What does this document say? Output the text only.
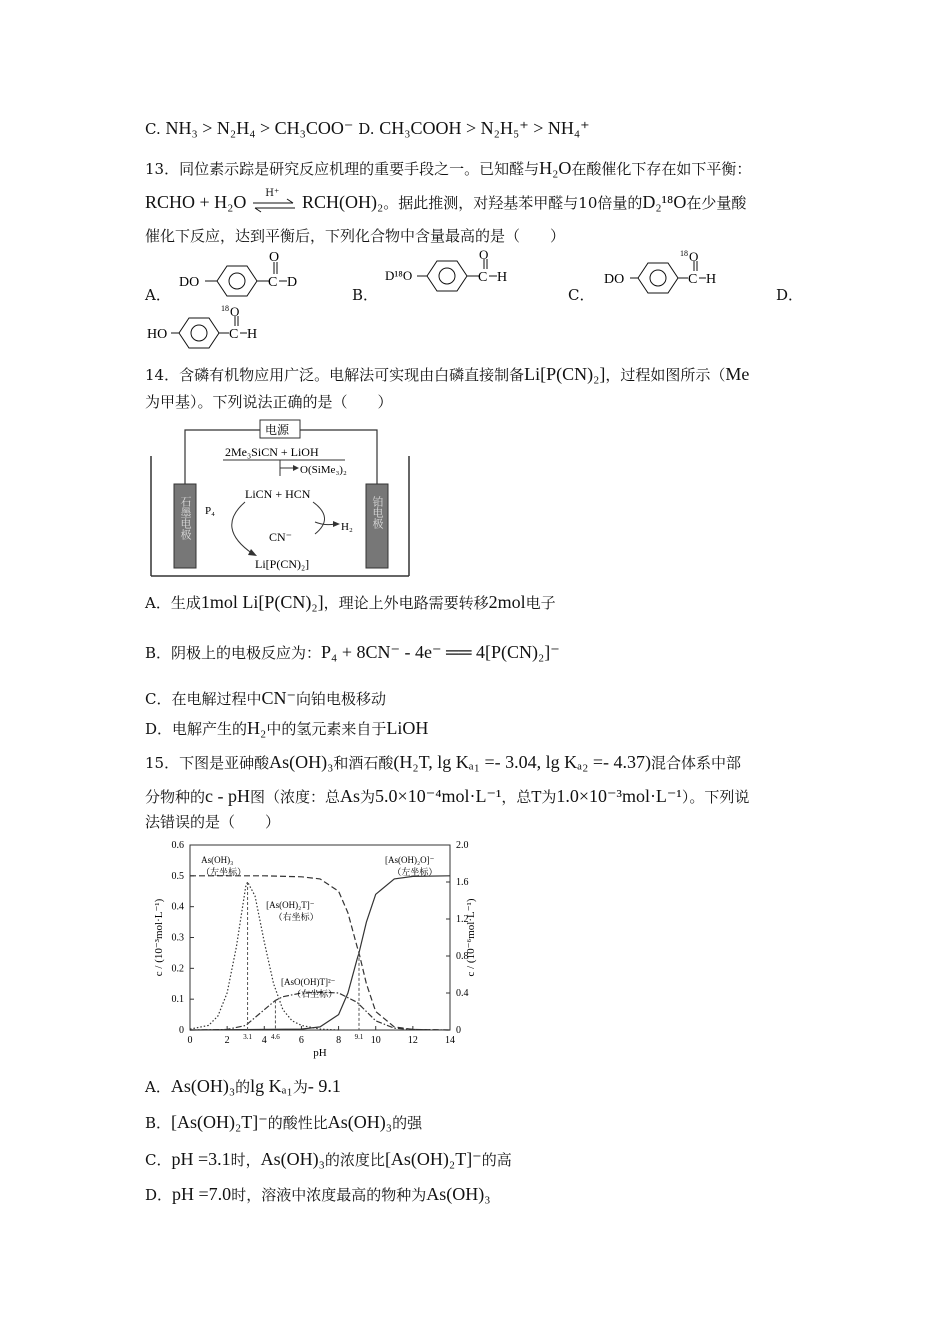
C. NH₃ > N₂H₄ > CH₃COO⁻ D. CH₃COOH > N₂H₅⁺ > NH₄⁺
13．同位素示踪是研究反应机理的重要手段之一。已知醛与H₂O在酸催化下存在如下平衡：
RCHO + H₂O H⁺ RCH(OH)₂。据此推测，对羟基苯甲醛与10倍量的D₂¹⁸O在少量酸
催化下反应，达到平衡后，下列化合物中含量最高的是（　　）
A．
DO	C
O
D
B．
D¹⁸O	C
O
H
C．
DO	C
18 O
H
D．
HO	C
18 O
H
14．含磷有机物应用广泛。电解法可实现由白磷直接制备Li[P(CN)₂]，过程如图所示（Me
为甲基）。下列说法正确的是（　　）
电源
石墨电极	铂电极
2Me₃SiCN + LiOH
O(SiMe₃)₂
LiCN + HCN
P₄
H₂
CN⁻
Li[P(CN)₂]
A．生成1mol Li[P(CN)₂]，理论上外电路需要转移2mol电子
B．阴极上的电极反应为：P₄ + 8CN⁻ - 4e⁻ ══ 4[P(CN)₂]⁻
C．在电解过程中CN⁻向铂电极移动
D．电解产生的H₂中的氢元素来自于LiOH
15．下图是亚砷酸As(OH)₃和酒石酸(H₂T, lg Kₐ₁ =- 3.04, lg Kₐ₂ =- 4.37)混合体系中部
分物种的c - pH图（浓度：总As为5.0×10⁻⁴mol·L⁻¹，总T为1.0×10⁻³mol·L⁻¹）。下列说
法错误的是（　　）
0	2	4	6	8	10	12	14
3.1	4.6	9.1
0
0.1
0.2
0.3
0.4
0.5
0.6
0
0.4
0.8
1.2
1.6
2.0
pH
c / (10⁻³mol·L⁻¹)	c / (10⁻⁶mol·L⁻¹)
As(OH)₃
（左坐标）
[As(OH)₂T]⁻
（右坐标）
[AsO(OH)T]²⁻
（右坐标）
[As(OH)₂O]⁻
（左坐标）
A．As(OH)₃的lg Kₐ₁为- 9.1
B．[As(OH)₂T]⁻的酸性比As(OH)₃的强
C．pH =3.1时，As(OH)₃的浓度比[As(OH)₂T]⁻的高
D．pH =7.0时，溶液中浓度最高的物种为As(OH)₃
